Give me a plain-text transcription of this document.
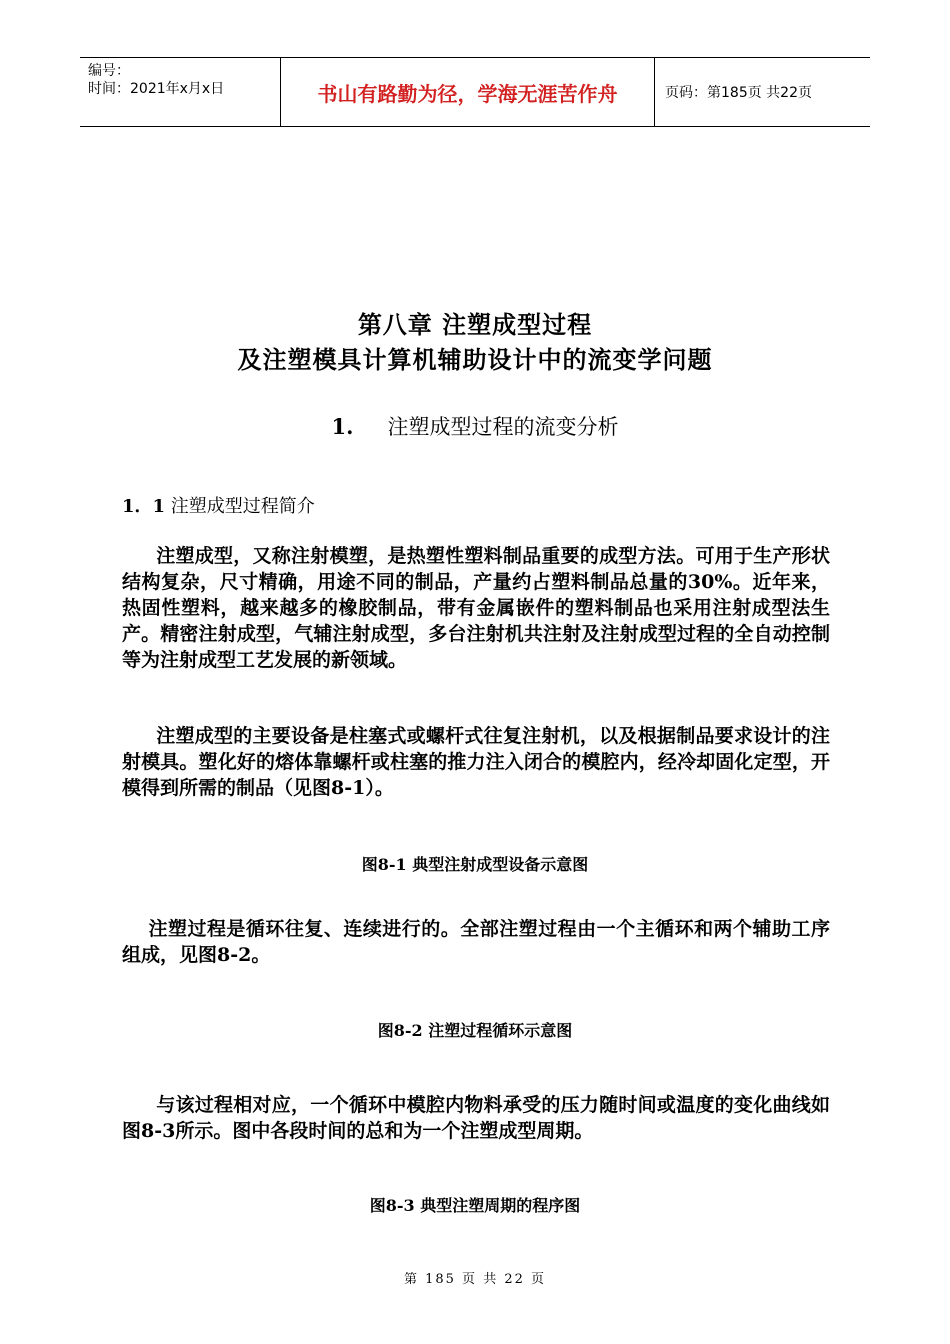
编号：
时间：2021年x月x日	书山有路勤为径，学海无涯苦作舟	页码：第185页 共22页
第八章 注塑成型过程
及注塑模具计算机辅助设计中的流变学问题
1. 注塑成型过程的流变分析
1．1 注塑成型过程简介
注塑成型，又称注射模塑，是热塑性塑料制品重要的成型方法。可用于生产形状结构复杂，尺寸精确，用途不同的制品，产量约占塑料制品总量的30%。近年来，热固性塑料，越来越多的橡胶制品，带有金属嵌件的塑料制品也采用注射成型法生产。精密注射成型，气辅注射成型，多台注射机共注射及注射成型过程的全自动控制等为注射成型工艺发展的新领域。
注塑成型的主要设备是柱塞式或螺杆式往复注射机，以及根据制品要求设计的注射模具。塑化好的熔体靠螺杆或柱塞的推力注入闭合的模腔内，经冷却固化定型，开模得到所需的制品（见图8-1）。
图8-1 典型注射成型设备示意图
注塑过程是循环往复、连续进行的。全部注塑过程由一个主循环和两个辅助工序组成，见图8-2。
图8-2 注塑过程循环示意图
与该过程相对应，一个循环中模腔内物料承受的压力随时间或温度的变化曲线如图8-3所示。图中各段时间的总和为一个注塑成型周期。
图8-3 典型注塑周期的程序图
第 185 页 共 22 页
